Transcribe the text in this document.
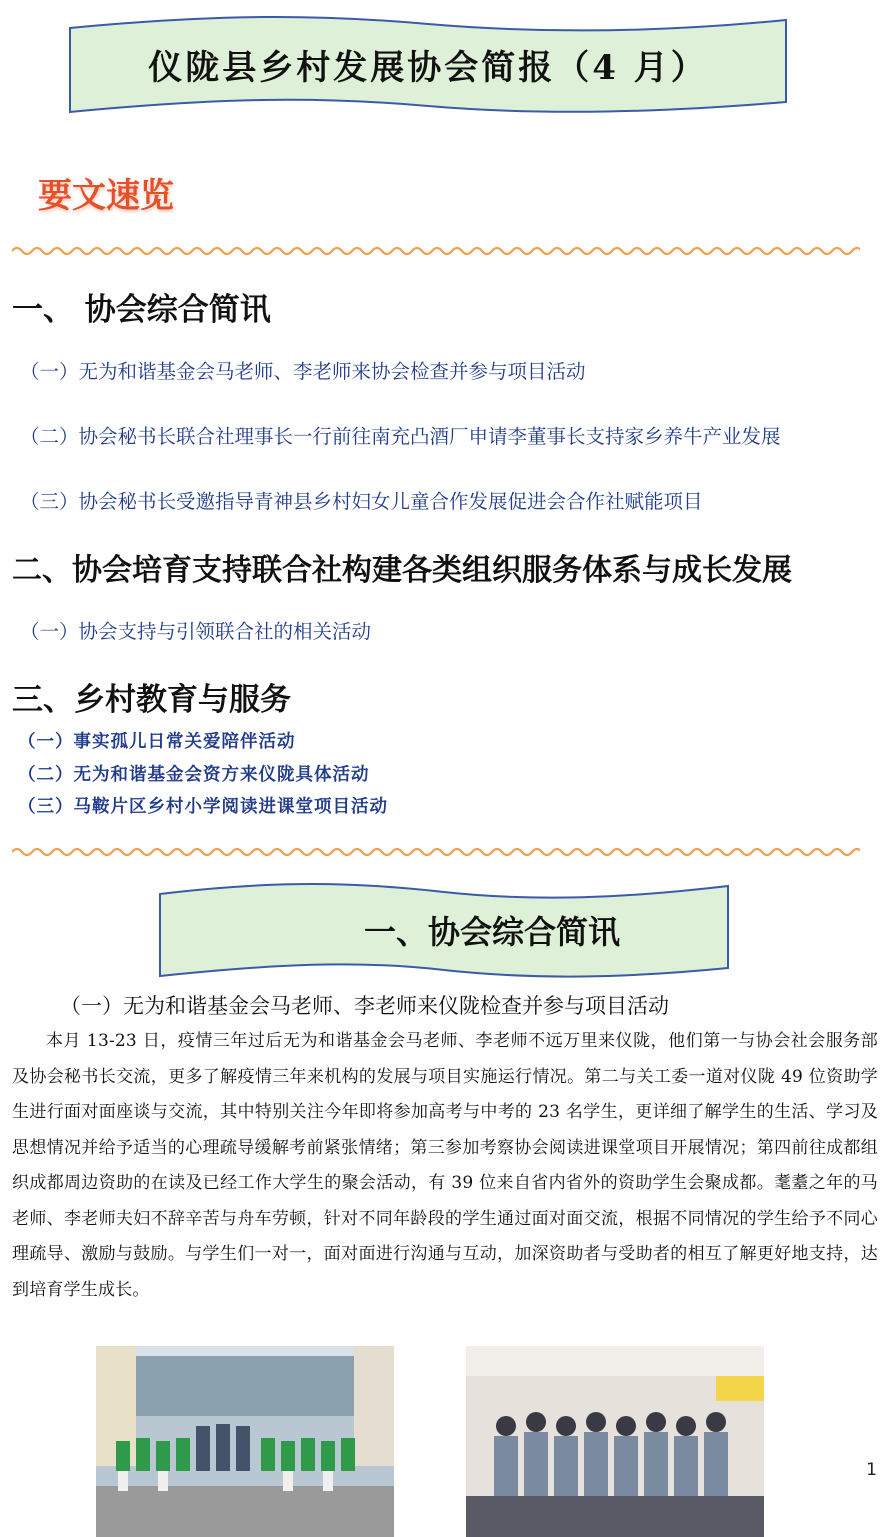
仪陇县乡村发展协会简报（4 月）
要文速览
一、 协会综合简讯
（一）无为和谐基金会马老师、李老师来协会检查并参与项目活动
（二）协会秘书长联合社理事长一行前往南充凸酒厂申请李董事长支持家乡养牛产业发展
（三）协会秘书长受邀指导青神县乡村妇女儿童合作发展促进会合作社赋能项目
二、协会培育支持联合社构建各类组织服务体系与成长发展
（一）协会支持与引领联合社的相关活动
三、乡村教育与服务
（一）事实孤儿日常关爱陪伴活动
（二）无为和谐基金会资方来仪陇具体活动
（三）马鞍片区乡村小学阅读进课堂项目活动
一、协会综合简讯
（一）无为和谐基金会马老师、李老师来仪陇检查并参与项目活动
本月 13-23 日，疫情三年过后无为和谐基金会马老师、李老师不远万里来仪陇，他们第一与协会社会服务部及协会秘书长交流，更多了解疫情三年来机构的发展与项目实施运行情况。第二与关工委一道对仪陇 49 位资助学生进行面对面座谈与交流，其中特别关注今年即将参加高考与中考的 23 名学生，更详细了解学生的生活、学习及思想情况并给予适当的心理疏导缓解考前紧张情绪；第三参加考察协会阅读进课堂项目开展情况；第四前往成都组织成都周边资助的在读及已经工作大学生的聚会活动，有 39 位来自省内省外的资助学生会聚成都。耄耋之年的马老师、李老师夫妇不辞辛苦与舟车劳顿，针对不同年龄段的学生通过面对面交流，根据不同情况的学生给予不同心理疏导、激励与鼓励。与学生们一对一，面对面进行沟通与互动，加深资助者与受助者的相互了解更好地支持，达到培育学生成长。
1
